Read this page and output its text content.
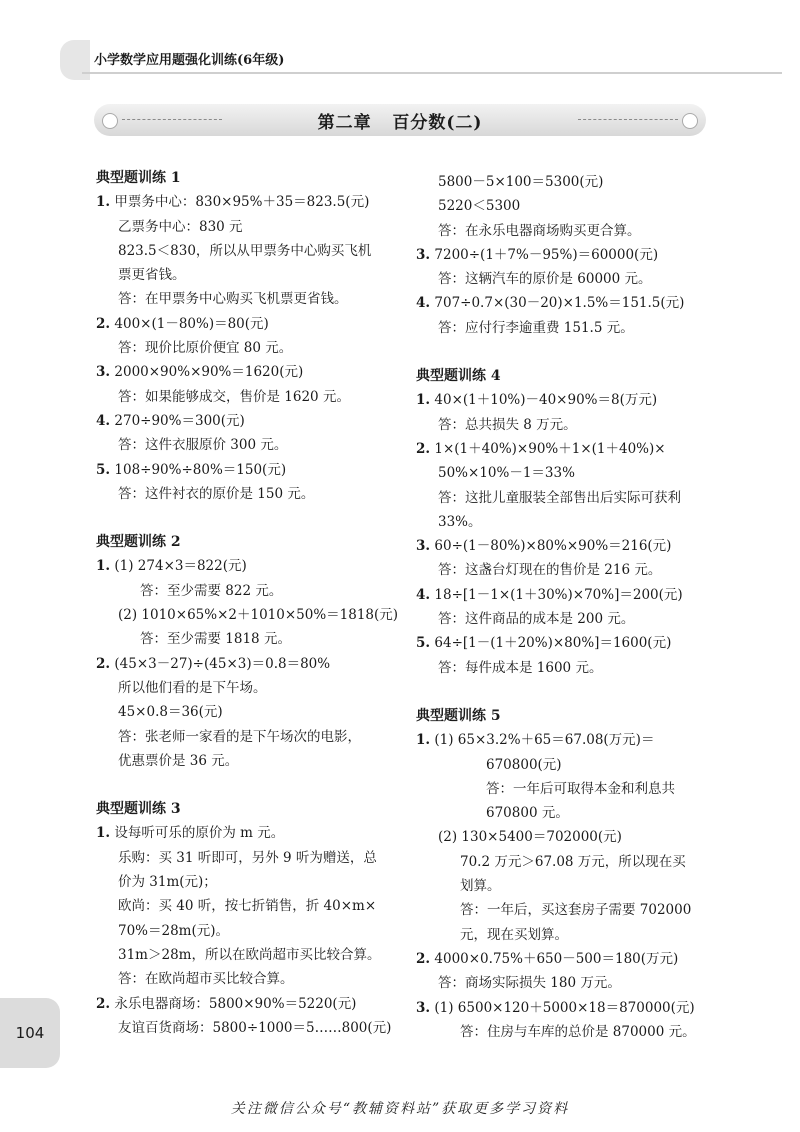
小学数学应用题强化训练(6年级)
第二章   百分数(二)
典型题训练 1
1. 甲票务中心：830×95%＋35＝823.5(元)
乙票务中心：830 元
823.5＜830，所以从甲票务中心购买飞机
票更省钱。
答：在甲票务中心购买飞机票更省钱。
2. 400×(1－80%)＝80(元)
答：现价比原价便宜 80 元。
3. 2000×90%×90%＝1620(元)
答：如果能够成交，售价是 1620 元。
4. 270÷90%＝300(元)
答：这件衣服原价 300 元。
5. 108÷90%÷80%＝150(元)
答：这件衬衣的原价是 150 元。
典型题训练 2
1. (1) 274×3＝822(元)
答：至少需要 822 元。
(2) 1010×65%×2＋1010×50%＝1818(元)
答：至少需要 1818 元。
2. (45×3－27)÷(45×3)＝0.8＝80%
所以他们看的是下午场。
45×0.8＝36(元)
答：张老师一家看的是下午场次的电影，
优惠票价是 36 元。
典型题训练 3
1. 设每听可乐的原价为 m 元。
乐购：买 31 听即可，另外 9 听为赠送，总
价为 31m(元)；
欧尚：买 40 听，按七折销售，折 40×m×
70%＝28m(元)。
31m＞28m，所以在欧尚超市买比较合算。
答：在欧尚超市买比较合算。
2. 永乐电器商场：5800×90%＝5220(元)
友谊百货商场：5800÷1000＝5……800(元)
5800－5×100＝5300(元)
5220＜5300
答：在永乐电器商场购买更合算。
3. 7200÷(1＋7%－95%)＝60000(元)
答：这辆汽车的原价是 60000 元。
4. 707÷0.7×(30－20)×1.5%＝151.5(元)
答：应付行李逾重费 151.5 元。
典型题训练 4
1. 40×(1＋10%)－40×90%＝8(万元)
答：总共损失 8 万元。
2. 1×(1＋40%)×90%＋1×(1＋40%)×
50%×10%－1＝33%
答：这批儿童服装全部售出后实际可获利
33%。
3. 60÷(1－80%)×80%×90%＝216(元)
答：这盏台灯现在的售价是 216 元。
4. 18÷[1－1×(1＋30%)×70%]＝200(元)
答：这件商品的成本是 200 元。
5. 64÷[1－(1＋20%)×80%]＝1600(元)
答：每件成本是 1600 元。
典型题训练 5
1. (1) 65×3.2%＋65＝67.08(万元)＝
670800(元)
答：一年后可取得本金和利息共
670800 元。
(2) 130×5400＝702000(元)
70.2 万元＞67.08 万元，所以现在买
划算。
答：一年后，买这套房子需要 702000
元，现在买划算。
2. 4000×0.75%＋650－500＝180(万元)
答：商场实际损失 180 万元。
3. (1) 6500×120＋5000×18＝870000(元)
答：住房与车库的总价是 870000 元。
104
关注微信公众号“教辅资料站”获取更多学习资料
